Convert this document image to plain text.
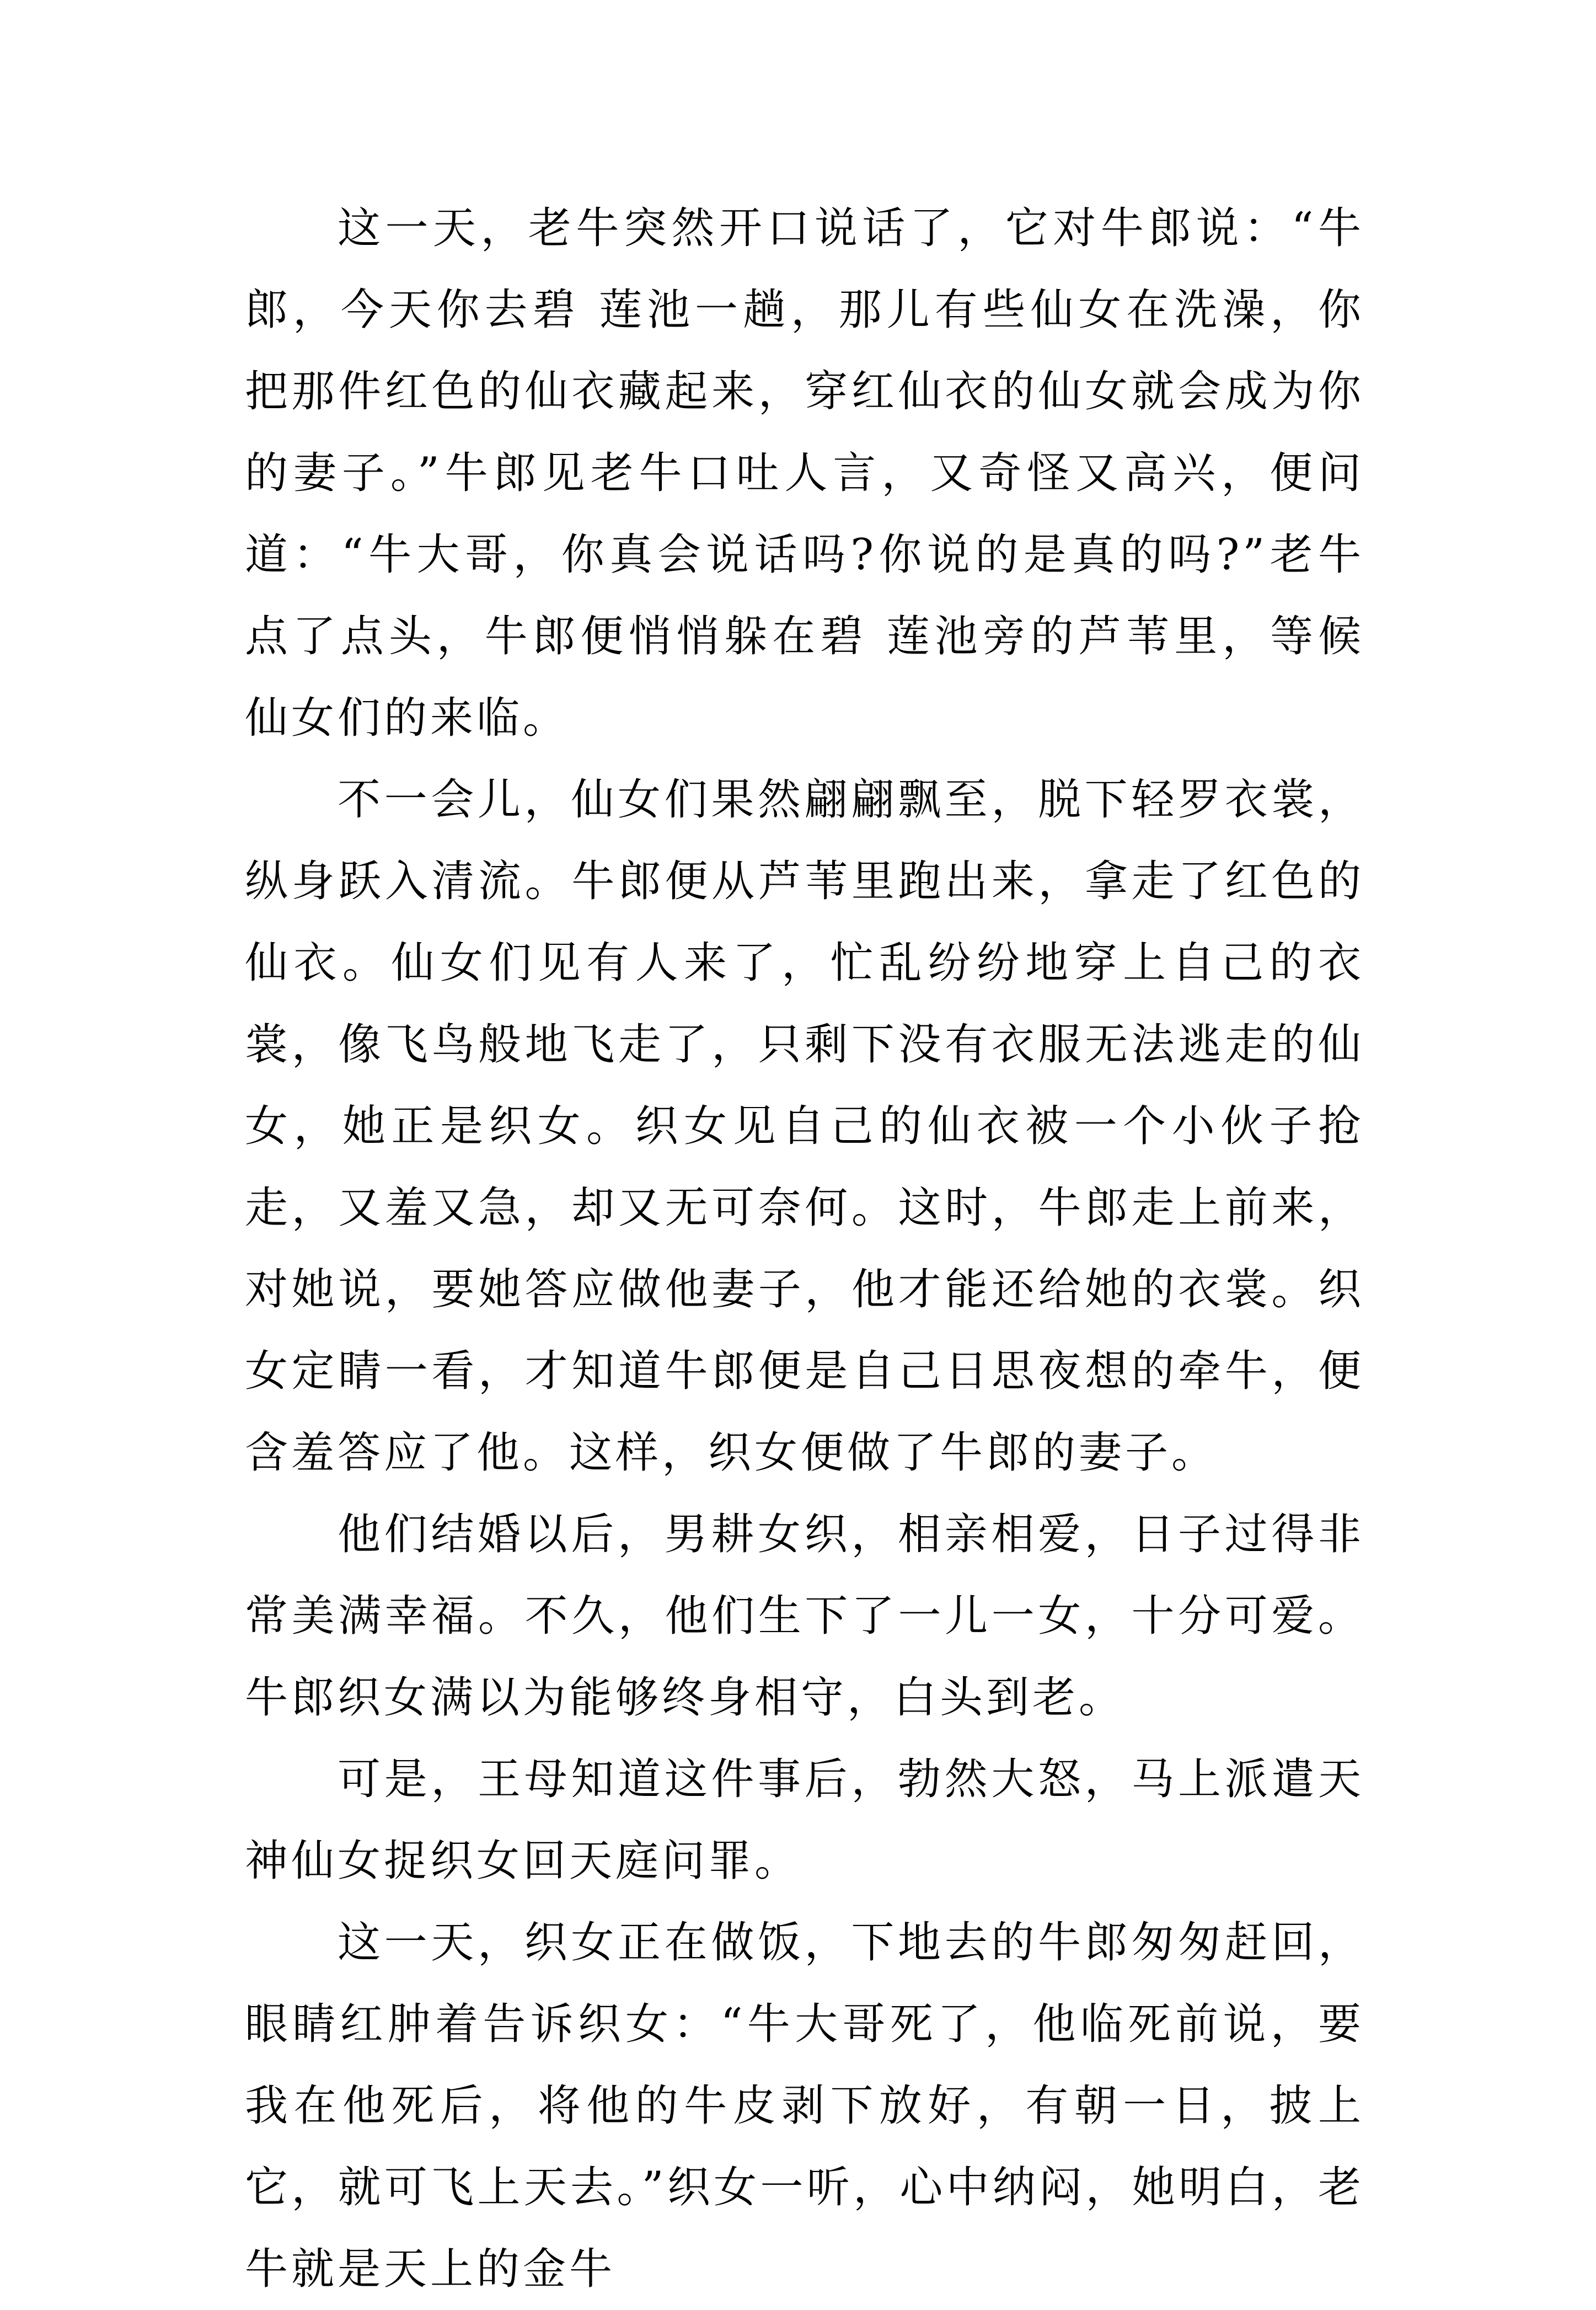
这一天，老牛突然开口说话了，它对牛郎说：“牛郎，今天你去碧 莲池一趟，那儿有些仙女在洗澡，你把那件红色的仙衣藏起来，穿红仙衣的仙女就会成为你的妻子。”牛郎见老牛口吐人言，又奇怪又高兴，便问道：“牛大哥，你真会说话吗?你说的是真的吗?”老牛点了点头，牛郎便悄悄躲在碧 莲池旁的芦苇里，等候仙女们的来临。

不一会儿，仙女们果然翩翩飘至，脱下轻罗衣裳，纵身跃入清流。牛郎便从芦苇里跑出来，拿走了红色的仙衣。仙女们见有人来了，忙乱纷纷地穿上自己的衣裳，像飞鸟般地飞走了，只剩下没有衣服无法逃走的仙女，她正是织女。织女见自己的仙衣被一个小伙子抢走，又羞又急，却又无可奈何。这时，牛郎走上前来，对她说，要她答应做他妻子，他才能还给她的衣裳。织女定睛一看，才知道牛郎便是自己日思夜想的牵牛，便含羞答应了他。这样，织女便做了牛郎的妻子。

他们结婚以后，男耕女织，相亲相爱，日子过得非常美满幸福。不久，他们生下了一儿一女，十分可爱。牛郎织女满以为能够终身相守，白头到老。

可是，王母知道这件事后，勃然大怒，马上派遣天神仙女捉织女回天庭问罪。

这一天，织女正在做饭，下地去的牛郎匆匆赶回，眼睛红肿着告诉织女：“牛大哥死了，他临死前说，要我在他死后，将他的牛皮剥下放好，有朝一日，披上它，就可飞上天去。”织女一听，心中纳闷，她明白，老牛就是天上的金牛
